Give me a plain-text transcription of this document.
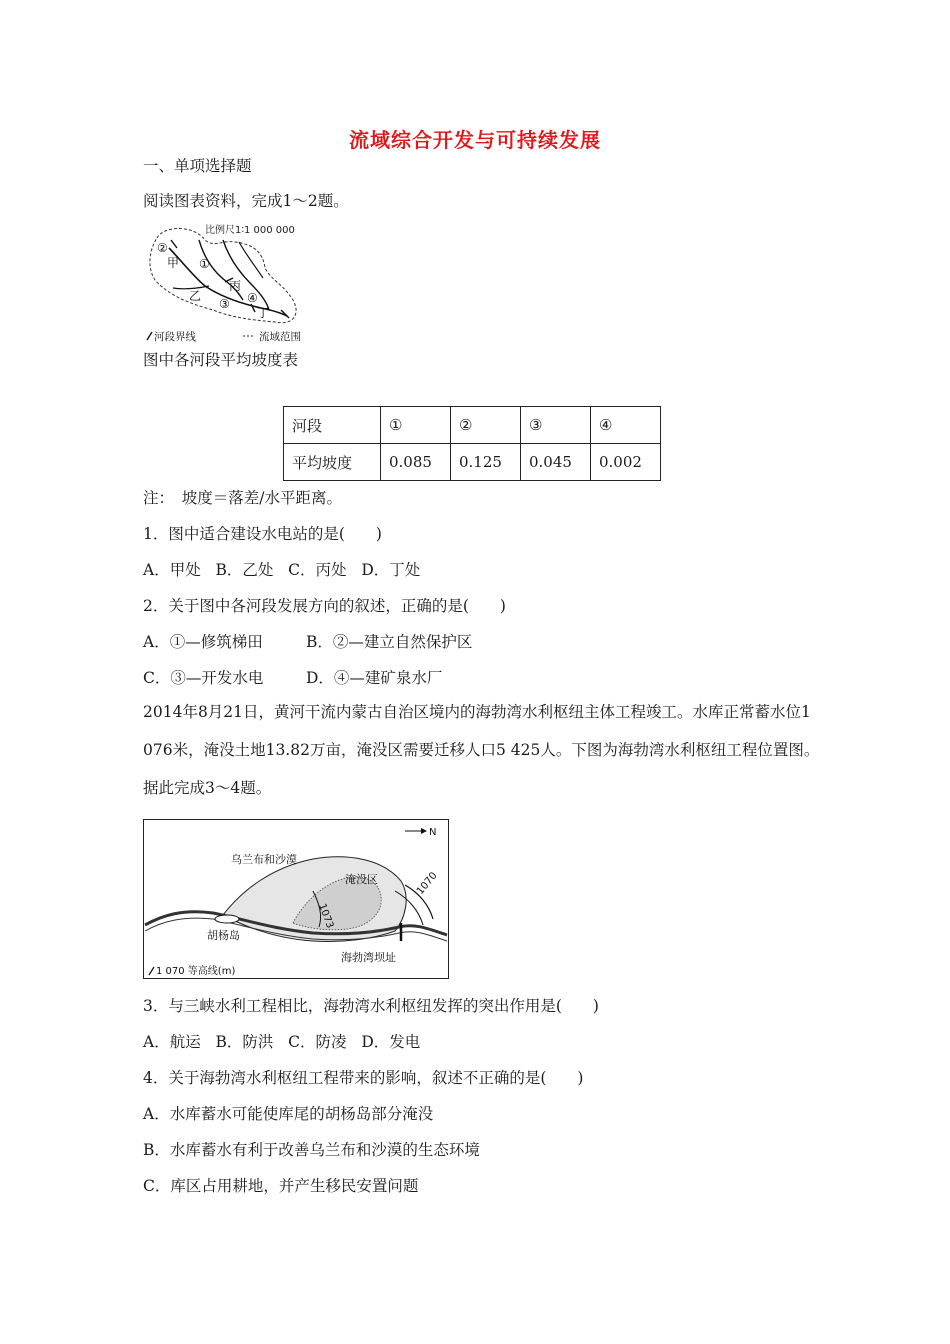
流域综合开发与可持续发展
一、单项选择题
阅读图表资料，完成1～2题。
比例尺1∶1 000 000
②
甲 ①
乙
丙
③ ④
丁
河段界线	流域范围
图中各河段平均坡度表
河段	①	②	③	④
平均坡度	0.085	0.125	0.045	0.002
注：　坡度＝落差/水平距离。
1．图中适合建设水电站的是(　　)
A．甲处 B．乙处 C．丙处 D．丁处
2．关于图中各河段发展方向的叙述，正确的是(　　)
A．①—修筑梯田	B．②—建立自然保护区
C．③—开发水电	D．④—建矿泉水厂
2014年8月21日，黄河干流内蒙古自治区境内的海勃湾水利枢纽主体工程竣工。水库正常蓄水位1 076米，淹没土地13.82万亩，淹没区需要迁移人口5 425人。下图为海勃湾水利枢纽工程位置图。据此完成3～4题。
N
乌兰布和沙漠
淹没区	1070
1073
胡杨岛
海勃湾坝址
1 070 等高线(m)
3．与三峡水利工程相比，海勃湾水利枢纽发挥的突出作用是(　　)
A．航运 B．防洪 C．防凌 D．发电
4．关于海勃湾水利枢纽工程带来的影响，叙述不正确的是(　　)
A．水库蓄水可能使库尾的胡杨岛部分淹没
B．水库蓄水有利于改善乌兰布和沙漠的生态环境
C．库区占用耕地，并产生移民安置问题
